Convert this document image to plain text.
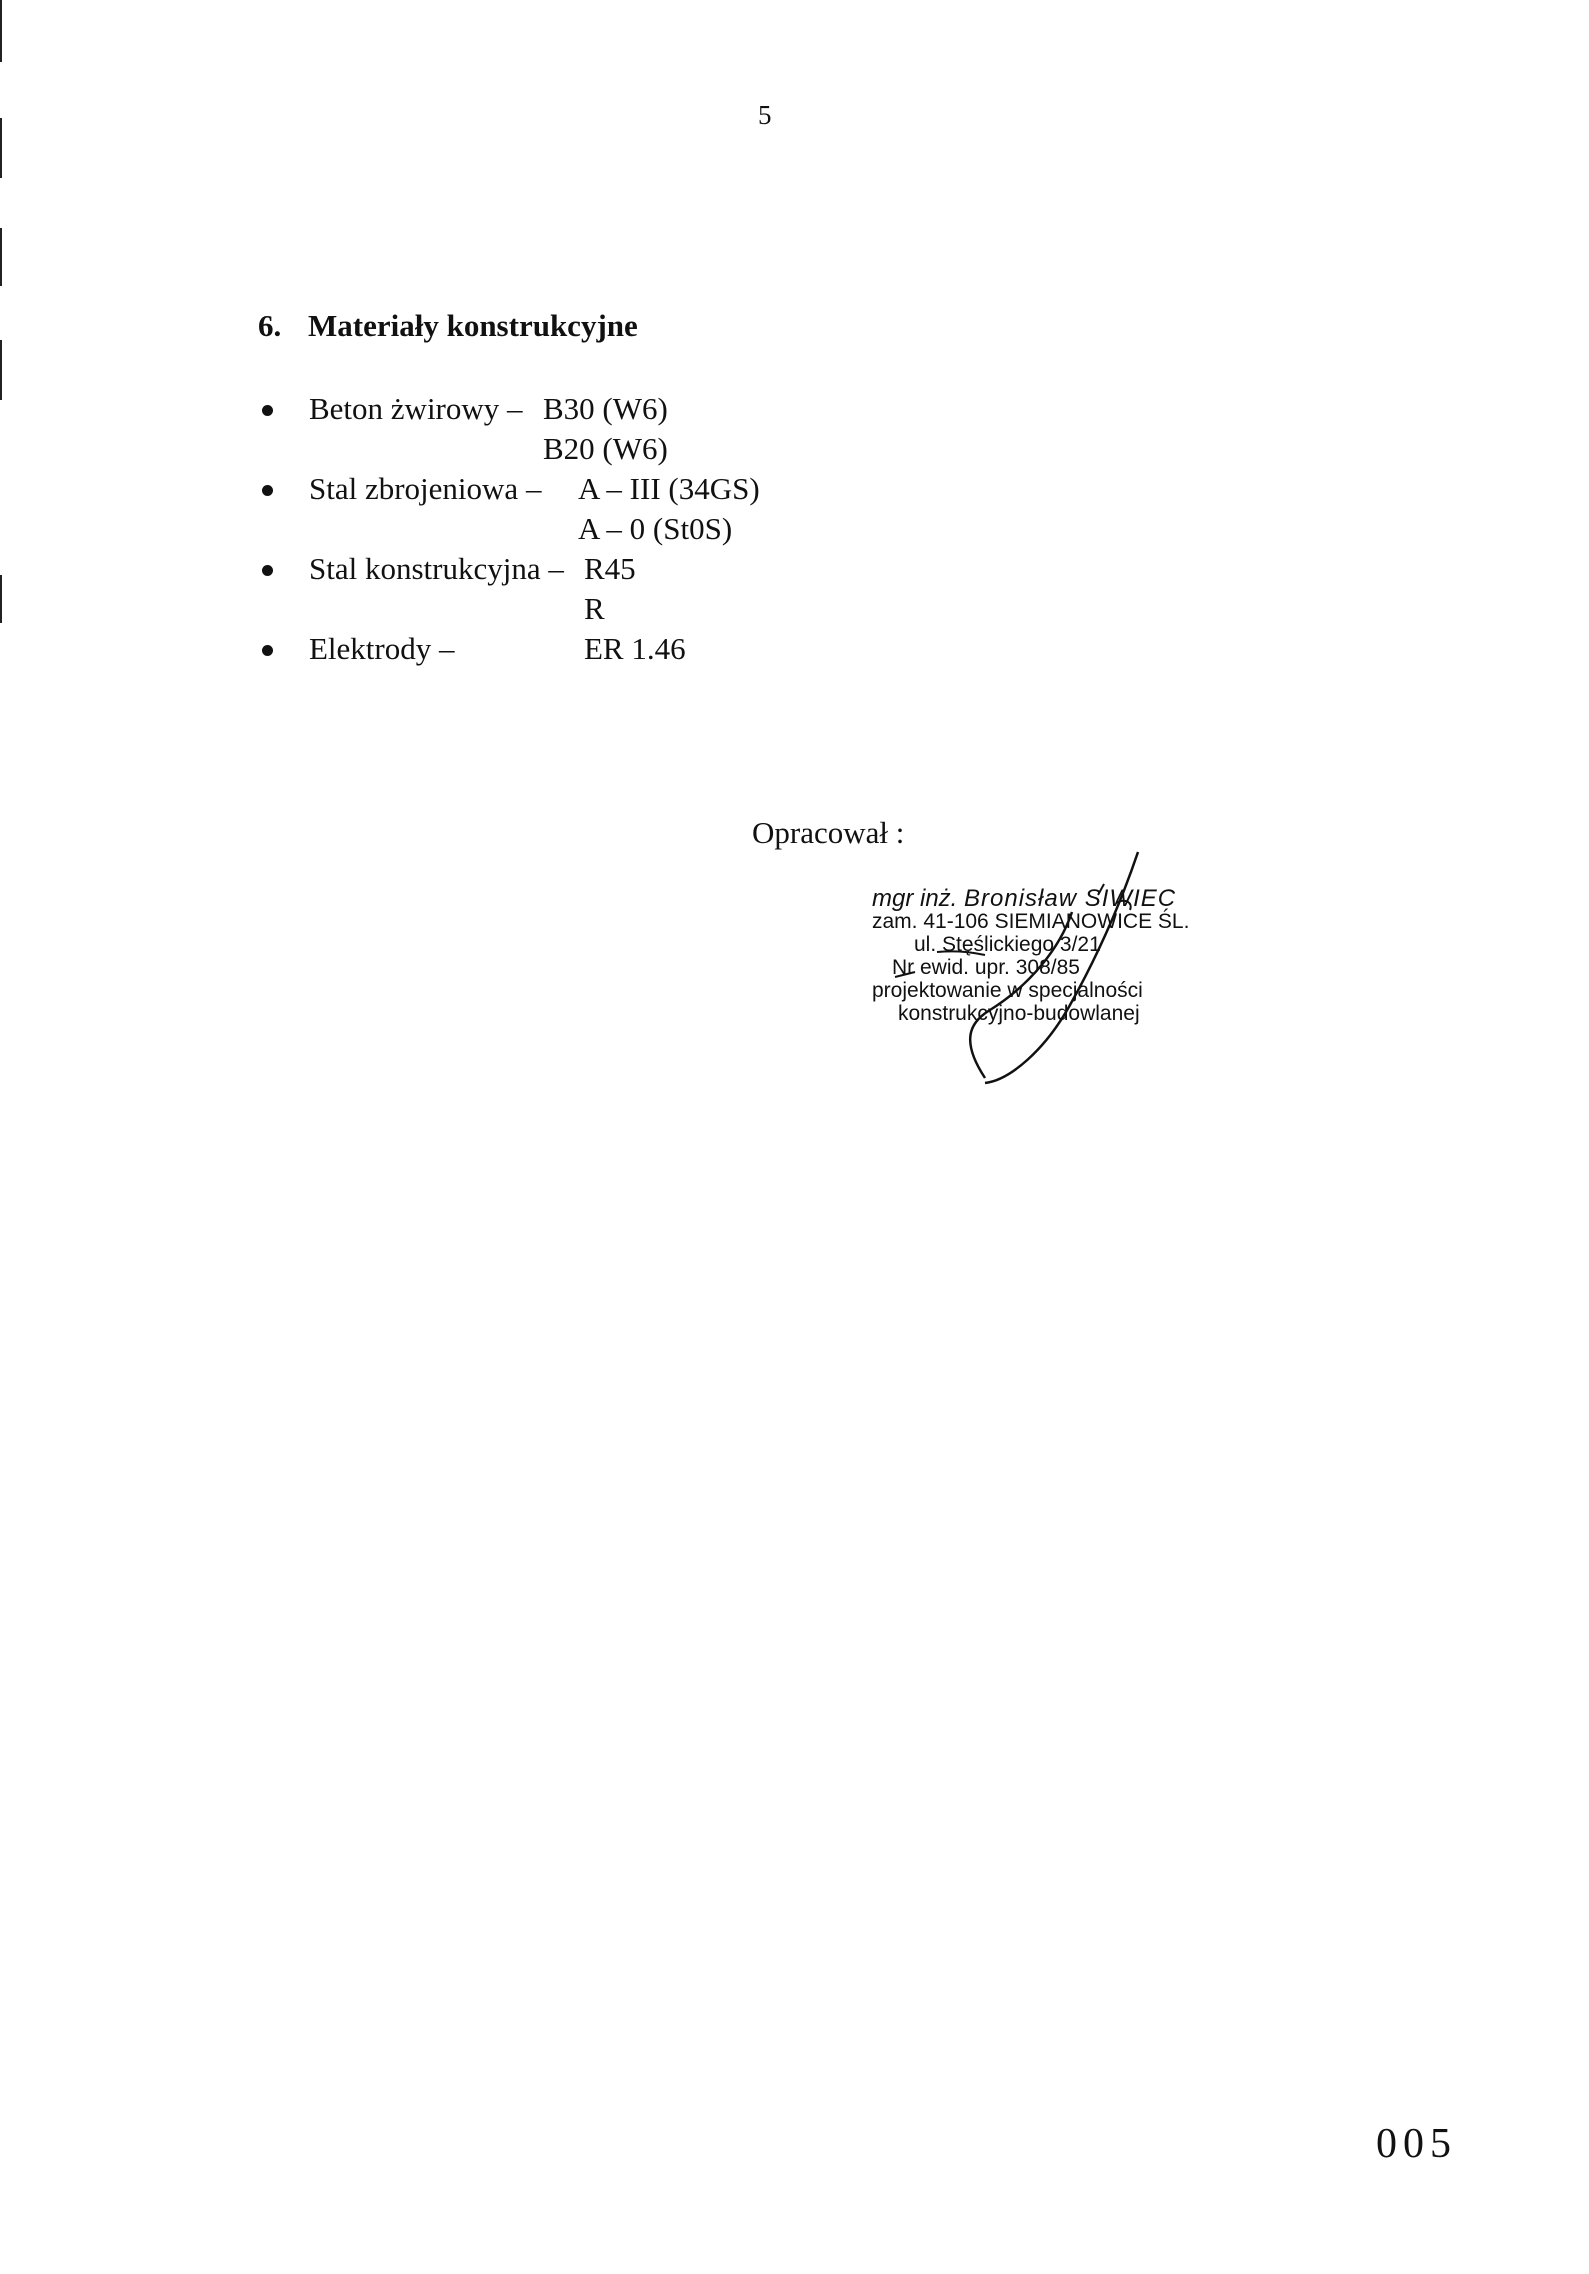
5
6. Materiały konstrukcyjne
Beton żwirowy – B30 (W6)
B20 (W6)
Stal zbrojeniowa – A – III (34GS)
A – 0 (St0S)
Stal konstrukcyjna – R45
R
Elektrody –	ER 1.46
Opracował :
mgr inż. Bronisław SIWIEC
zam. 41-106 SIEMIANOWICE ŚL.
ul. Stęślickiego 3/21
Nr ewid. upr. 308/85
projektowanie w specjalności
konstrukcyjno-budowlanej
005
